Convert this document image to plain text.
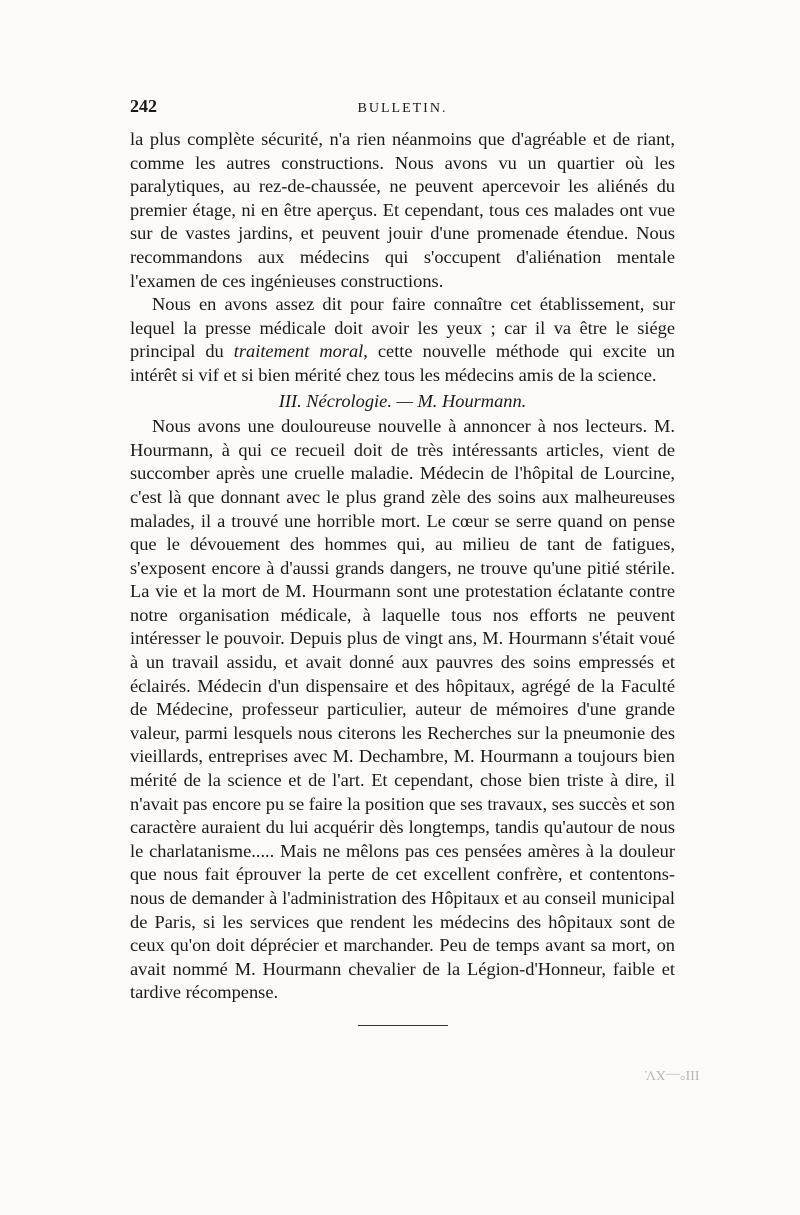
242	BULLETIN.

la plus complète sécurité, n'a rien néanmoins que d'agréable et de riant, comme les autres constructions. Nous avons vu un quartier où les paralytiques, au rez-de-chaussée, ne peuvent apercevoir les aliénés du premier étage, ni en être aperçus. Et cependant, tous ces malades ont vue sur de vastes jardins, et peuvent jouir d'une promenade étendue. Nous recommandons aux médecins qui s'occupent d'aliénation mentale l'examen de ces ingénieuses constructions.

Nous en avons assez dit pour faire connaître cet établissement, sur lequel la presse médicale doit avoir les yeux ; car il va être le siége principal du traitement moral, cette nouvelle méthode qui excite un intérêt si vif et si bien mérité chez tous les médecins amis de la science.

III. Nécrologie. — M. Hourmann.

Nous avons une douloureuse nouvelle à annoncer à nos lecteurs. M. Hourmann, à qui ce recueil doit de très intéressants articles, vient de succomber après une cruelle maladie. Médecin de l'hôpital de Lourcine, c'est là que donnant avec le plus grand zèle des soins aux malheureuses malades, il a trouvé une horrible mort. Le cœur se serre quand on pense que le dévouement des hommes qui, au milieu de tant de fatigues, s'exposent encore à d'aussi grands dangers, ne trouve qu'une pitié stérile. La vie et la mort de M. Hourmann sont une protestation éclatante contre notre organisation médicale, à laquelle tous nos efforts ne peuvent intéresser le pouvoir. Depuis plus de vingt ans, M. Hourmann s'était voué à un travail assidu, et avait donné aux pauvres des soins empressés et éclairés. Médecin d'un dispensaire et des hôpitaux, agrégé de la Faculté de Médecine, professeur particulier, auteur de mémoires d'une grande valeur, parmi lesquels nous citerons les Recherches sur la pneumonie des vieillards, entreprises avec M. Dechambre, M. Hourmann a toujours bien mérité de la science et de l'art. Et cependant, chose bien triste à dire, il n'avait pas encore pu se faire la position que ses travaux, ses succès et son caractère auraient du lui acquérir dès longtemps, tandis qu'autour de nous le charlatanisme..... Mais ne mêlons pas ces pensées amères à la douleur que nous fait éprouver la perte de cet excellent confrère, et contentons-nous de demander à l'administration des Hôpitaux et au conseil municipal de Paris, si les services que rendent les médecins des hôpitaux sont de ceux qu'on doit déprécier et marchander. Peu de temps avant sa mort, on avait nommé M. Hourmann chevalier de la Légion-d'Honneur, faible et tardive récompense.

III°—XV.
